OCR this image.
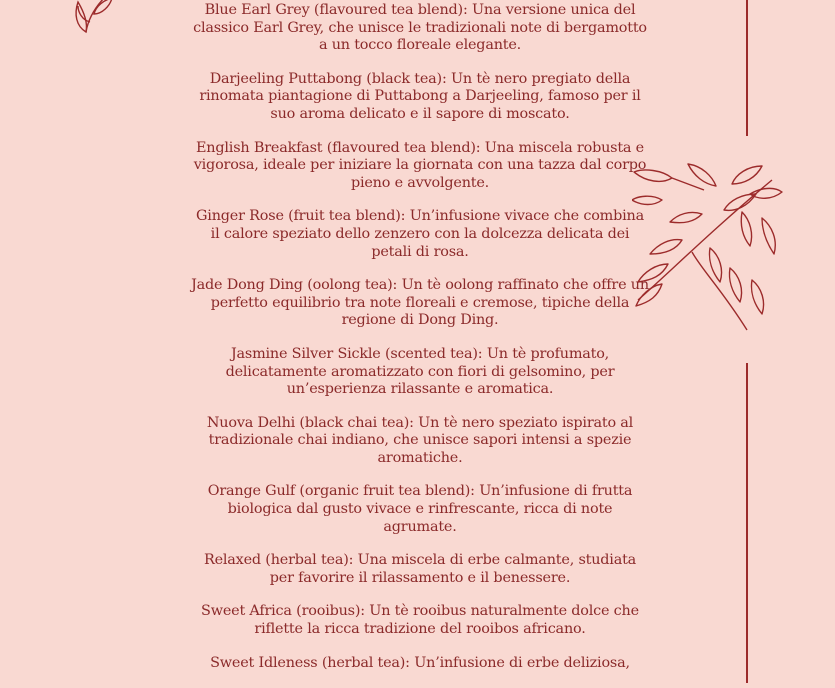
Blue Earl Grey (flavoured tea blend): Una versione unica del classico Earl Grey, che unisce le tradizionali note di bergamotto a un tocco floreale elegante.

Darjeeling Puttabong (black tea): Un tè nero pregiato della rinomata piantagione di Puttabong a Darjeeling, famoso per il suo aroma delicato e il sapore di moscato.

English Breakfast (flavoured tea blend): Una miscela robusta e vigorosa, ideale per iniziare la giornata con una tazza dal corpo pieno e avvolgente.

Ginger Rose (fruit tea blend): Un’infusione vivace che combina il calore speziato dello zenzero con la dolcezza delicata dei petali di rosa.

Jade Dong Ding (oolong tea): Un tè oolong raffinato che offre un perfetto equilibrio tra note floreali e cremose, tipiche della regione di Dong Ding.

Jasmine Silver Sickle (scented tea): Un tè profumato, delicatamente aromatizzato con fiori di gelsomino, per un’esperienza rilassante e aromatica.

Nuova Delhi (black chai tea): Un tè nero speziato ispirato al tradizionale chai indiano, che unisce sapori intensi a spezie aromatiche.

Orange Gulf (organic fruit tea blend): Un’infusione di frutta biologica dal gusto vivace e rinfrescante, ricca di note agrumate.

Relaxed (herbal tea): Una miscela di erbe calmante, studiata per favorire il rilassamento e il benessere.

Sweet Africa (rooibus): Un tè rooibus naturalmente dolce che riflette la ricca tradizione del rooibos africano.

Sweet Idleness (herbal tea): Un’infusione di erbe deliziosa,
